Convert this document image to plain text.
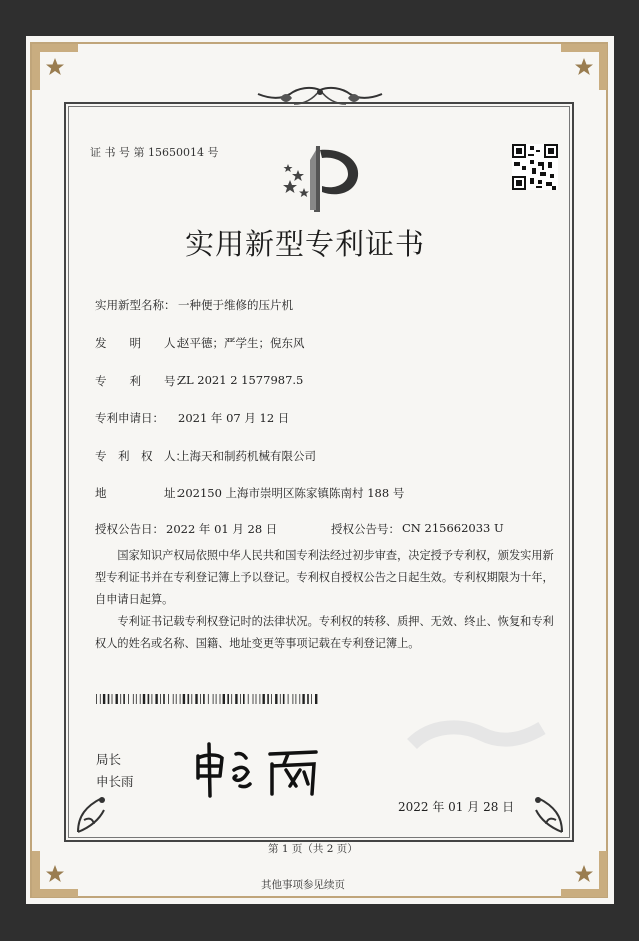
证 书 号 第 15650014 号
实用新型专利证书
实用新型名称： 一种便于维修的压片机
发　　明　　人：
赵平德；严学生；倪东风
专　　利　　号：
ZL 2021 2 1577987.5
专利申请日： 2021 年 07 月 12 日
专　利　权　人：
上海天和制药机械有限公司
地　　　　　址：
202150 上海市崇明区陈家镇陈南村 188 号
授权公告日： 2022 年 01 月 28 日	授权公告号： CN 215662033 U
国家知识产权局依照中华人民共和国专利法经过初步审查，决定授予专利权，颁发实用新型专利证书并在专利登记簿上予以登记。专利权自授权公告之日起生效。专利权期限为十年，自申请日起算。
专利证书记载专利权登记时的法律状况。专利权的转移、质押、无效、终止、恢复和专利权人的姓名或名称、国籍、地址变更等事项记载在专利登记簿上。
局长
申长雨
2022 年 01 月 28 日
第 1 页（共 2 页）
其他事项参见续页
